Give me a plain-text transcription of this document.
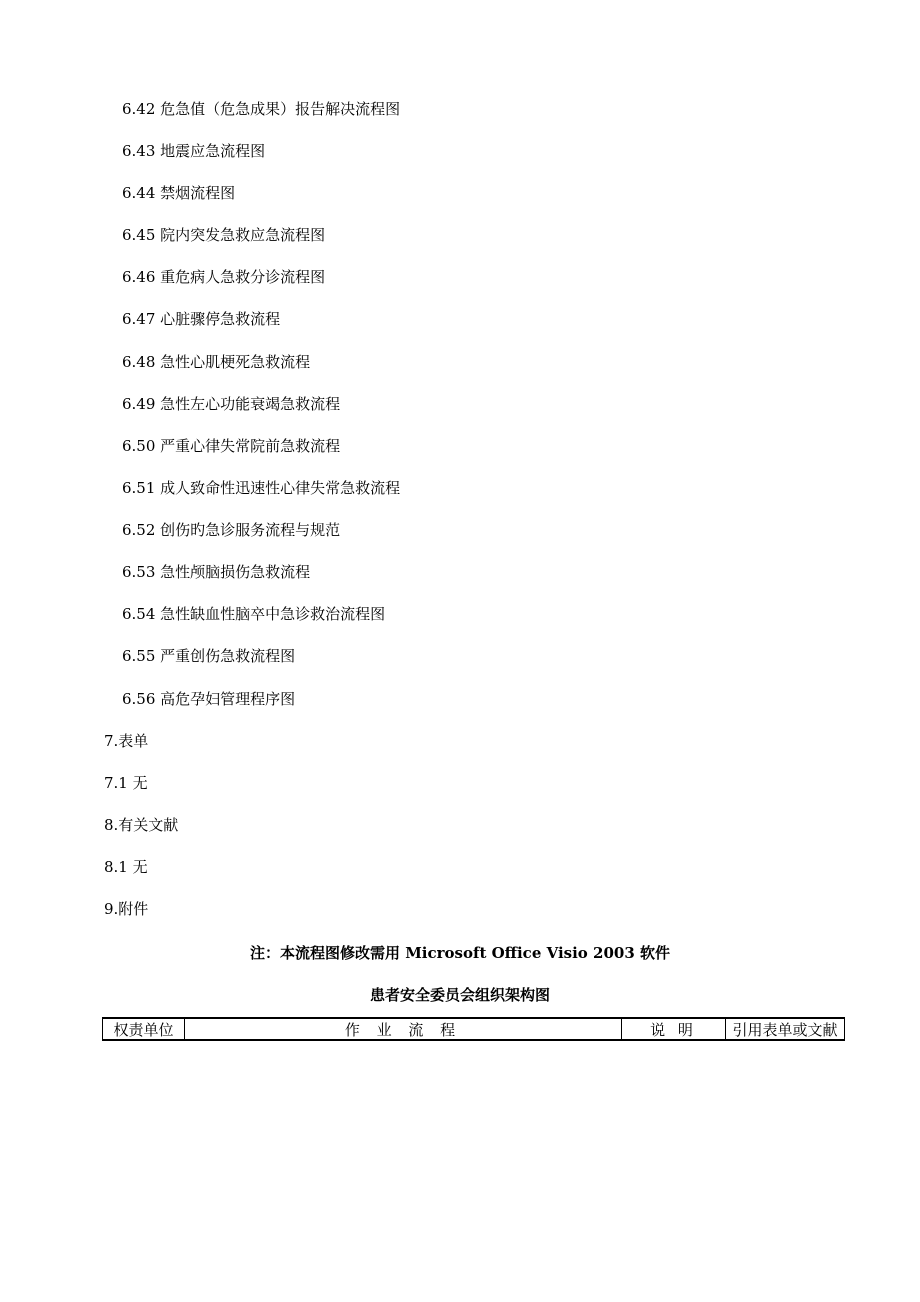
6.42 危急值（危急成果）报告解决流程图
6.43 地震应急流程图
6.44 禁烟流程图
6.45 院内突发急救应急流程图
6.46 重危病人急救分诊流程图
6.47 心脏骤停急救流程
6.48 急性心肌梗死急救流程
6.49 急性左心功能衰竭急救流程
6.50 严重心律失常院前急救流程
6.51 成人致命性迅速性心律失常急救流程
6.52 创伤旳急诊服务流程与规范
6.53 急性颅脑损伤急救流程
6.54 急性缺血性脑卒中急诊救治流程图
6.55 严重创伤急救流程图
6.56 高危孕妇管理程序图
7.表单
7.1 无
8.有关文献
8.1 无
9.附件
注：本流程图修改需用 Microsoft Office Visio 2003 软件
患者安全委员会组织架构图
权责单位	作 业 流 程	说 明	引用表单或文献
